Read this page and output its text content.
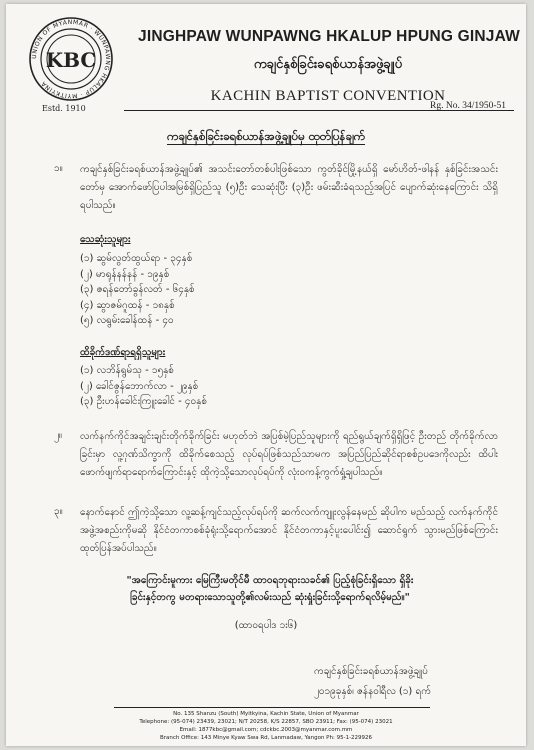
UNION OF MYANMAR · WUNPAWNG HKALUP · MYITKYINA
KBC
Estd. 1910
JINGHPAW WUNPAWNG HKALUP HPUNG GINJAW
ကချင်နှစ်ခြင်းခရစ်ယာန်အဖွဲ့ချုပ်
KACHIN BAPTIST CONVENTION
Rg. No. 34/1950-51
ကချင်နှစ်ခြင်းခရစ်ယာန်အဖွဲ့ချုပ်မှ ထုတ်ပြန်ချက်
၁။ ကချင်နှစ်ခြင်းခရစ်ယာန်အဖွဲ့ချုပ်၏ အသင်းတော်တစ်ပါးဖြစ်သော ကွတ်ခိုင်မြို့နယ်ရှိ မော်ဟိတ်-ဖါနန် နှစ်ခြင်းအသင်းတော်မှ အောက်ဖော်ပြပါအမြစ်ရှိပြည်သူ (၅)ဦး သေဆုံးပြီး (၃)ဦး ဖမ်းဆီးခံရသည့်အပြင် ပျောက်ဆုံးနေကြောင်း သိရှိရပါသည်။
သေဆုံးသူများ
(၁) ဆွမ်လွတ်ထွယ်ရာ - ၃၄နှစ်
(၂) မာရုန်နန်နန် - ၁၉နှစ်
(၃) ဇရန်တော်ခွန်လတ် - ၆၄နှစ်
(၄) ဆွာဇမ်ဂူထန် - ၁၈နှစ်
(၅) လရွမ်းခေါန်ထန် - ၄၀
ထိခိုက်ဒဏ်ရာရရှိသူများ
(၁) လဘိန်ရွမ်သု - ၁၅နှစ်
(၂) ခေါင်ဇွန်ဘောက်လာ - ၂၉နှစ်
(၃) ဦးဟန်ခေါင်းကြူးခေါင် - ၄၀နှစ်
၂။ လက်နက်ကိုင်အချင်းချင်းတိုက်ခိုက်ခြင်း မဟုတ်ဘဲ အပြစ်မဲ့ပြည်သူများကို ရည်ရွယ်ချက်ရှိရှိဖြင့် ဦးတည် တိုက်ခိုက်လာခြင်းမှာ လူ့ဂုဏ်သိက္ခာကို ထိခိုက်စေသည့် လုပ်ရပ်ဖြစ်သည်သာမက အပြည်ပြည်ဆိုင်ရာစစ်ဥပဒေကိုလည်း ထိပါး ဖောက်ဖျက်ရာရောက်ကြောင်းနှင့် ထိုကဲ့သို့သောလုပ်ရပ်ကို လုံးဝကန့်ကွက်ရှုံ့ချပါသည်။
၃။ နောက်နောင် ဤကဲ့သို့သော လူ့ဆန့်ကျင်သည့်လုပ်ရပ်ကို ဆက်လက်ကျူးလွန်နေမည် ဆိုပါက မည်သည့် လက်နက်ကိုင်အဖွဲ့အစည်းကိုမဆို နိုင်ငံတကာစစ်ခုံရုံးသို့ရောက်အောင် နိုင်ငံတကာနှင့်ပူးပေါင်း၍ ဆောင်ရွက် သွားမည်ဖြစ်ကြောင်း ထုတ်ပြန်အပ်ပါသည်။
"အကြောင်းမူကား မြေကြီးမတိုင်မီ ထာဝရဘုရားသခင်၏ ပြည့်စုံခြင်းရှိသော ရှိခိုးခြင်းနှင့်တကွ မတရားသောသူတို့၏လမ်းသည် ဆုံးရှုံးခြင်းသို့ရောက်ရလိမ့်မည်။"
(ထာဝရပါဒ ၁း၆)
ကချင်နှစ်ခြင်းခရစ်ယာန်အဖွဲ့ချုပ်
၂၀၁၉ခုနှစ်၊ ဇန်နဝါရီလ (၁) ရက်
No. 135 Shanzu (South) Myitkyina, Kachin State, Union of Myanmar
Telephone: (95-074) 23439, 23021; N/T 20258, K/S 22857, SBO 23911; Fax: (95-074) 23021
Email: 1877kbc@gmail.com; cdckbc.2003@myanmar.com.mm
Branch Office: 143 Minye Kyaw Swa Rd, Lanmadaw, Yangon Ph: 95-1-229926
